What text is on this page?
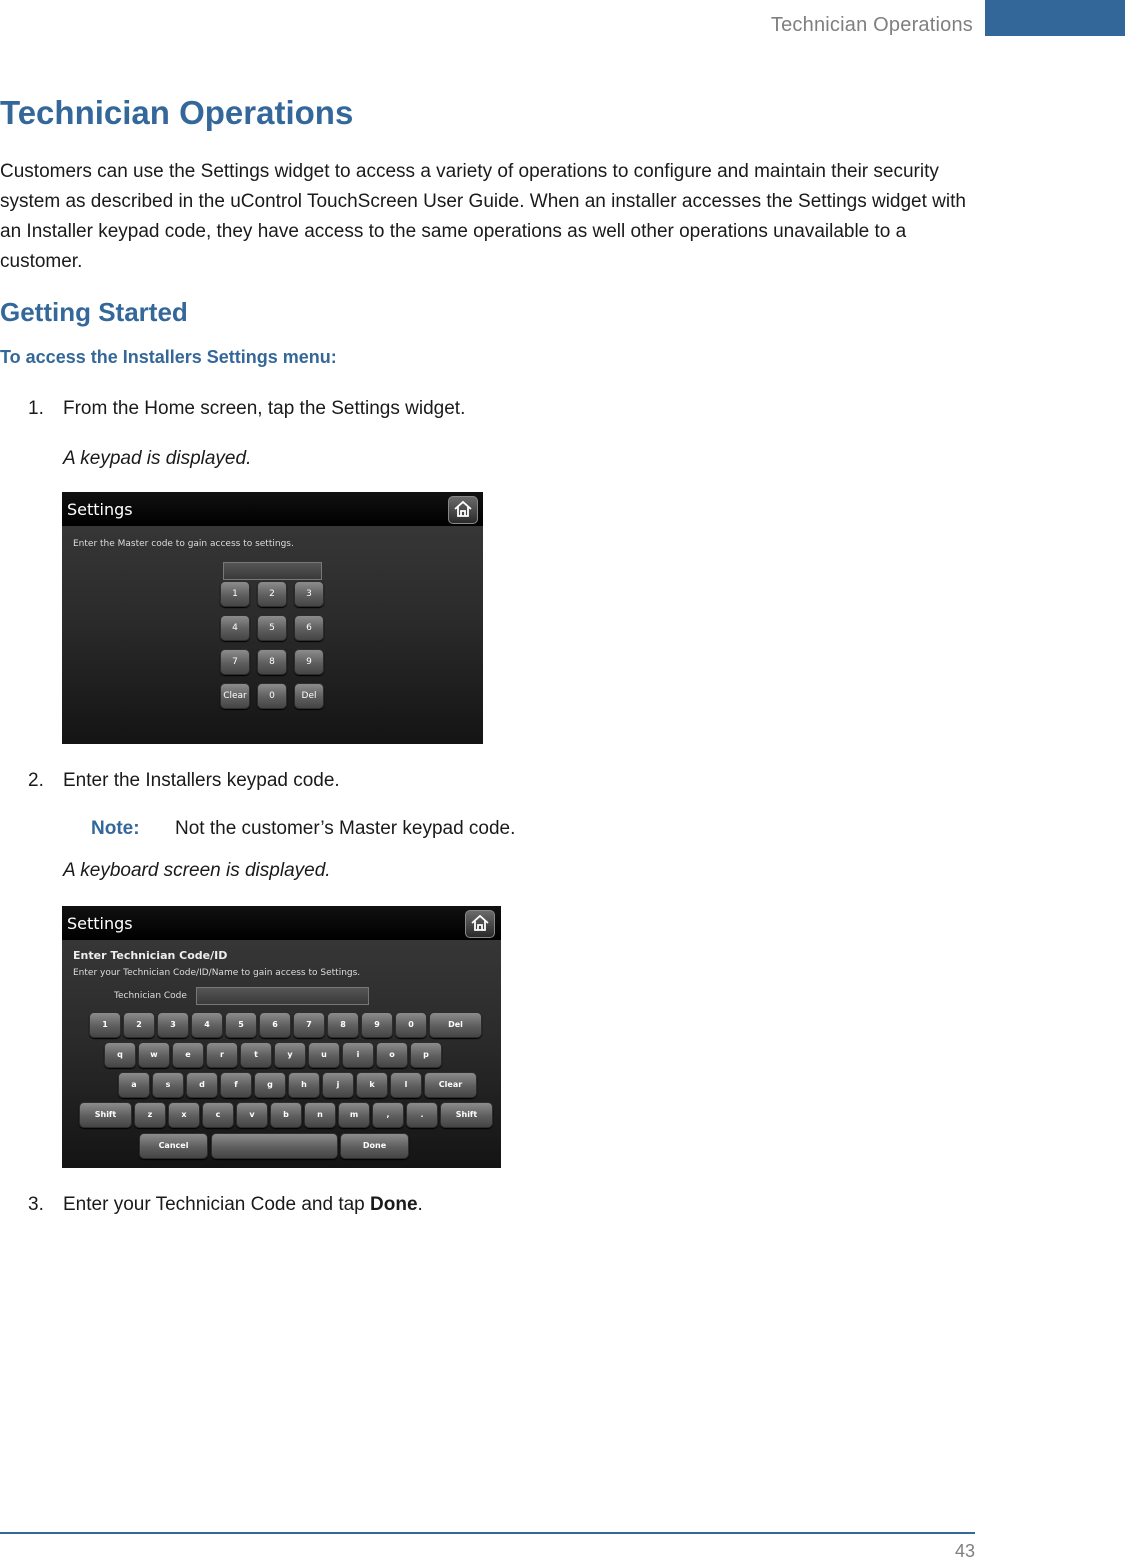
Technician Operations
Technician Operations

Customers can use the Settings widget to access a variety of operations to configure and maintain their security system as described in the uControl TouchScreen User Guide. When an installer accesses the Settings widget with an Installer keypad code, they have access to the same operations as well other operations unavailable to a customer.

Getting Started
To access the Installers Settings menu:
1. From the Home screen, tap the Settings widget.
A keypad is displayed.
Settings
Enter the Master code to gain access to settings.
1	2	3
4	5	6
7	8	9
Clear	0	Del
2. Enter the Installers keypad code.
Note: Not the customer’s Master keypad code.
A keyboard screen is displayed.
Settings
Enter Technician Code/ID
Enter your Technician Code/ID/Name to gain access to Settings.
Technician Code
1	2	3	4	5	6	7	8	9	0	Del
q	w	e	r	t	y	u	i	o	p
a	s	d	f	g	h	j	k	l	Clear
Shift	z	x	c	v	b	n	m	,	.	Shift
Cancel	Done
3. Enter your Technician Code and tap Done.
43
